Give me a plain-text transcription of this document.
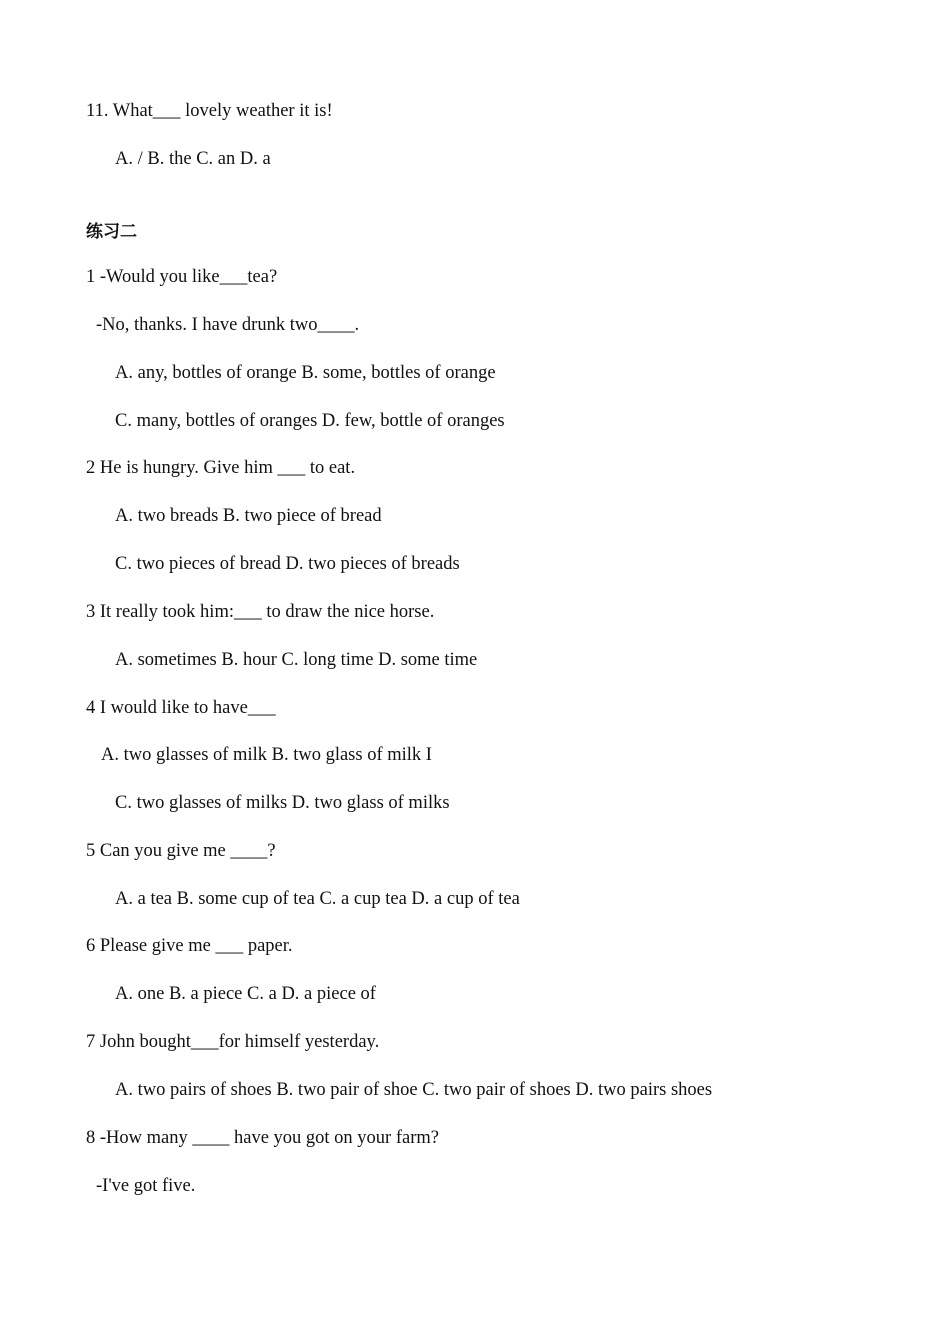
11. What___ lovely weather it is!

A. / B. the C. an D. a

练习二

1 -Would you like___tea?

-No, thanks. I have drunk two____.

A. any, bottles of orange B. some, bottles of orange

C. many, bottles of oranges D. few, bottle of oranges

2 He is hungry. Give him ___ to eat.

A. two breads B. two piece of bread

C. two pieces of bread D. two pieces of breads

3 It really took him:___ to draw the nice horse.

A. sometimes B. hour C. long time D. some time

4 I would like to have___

A. two glasses of milk B. two glass of milk I

C. two glasses of milks D. two glass of milks

5 Can you give me ____?

A. a tea B. some cup of tea C. a cup tea D. a cup of tea

6 Please give me ___ paper.

A. one B. a piece C. a D. a piece of

7 John bought___for himself yesterday.

A. two pairs of shoes B. two pair of shoe C. two pair of shoes D. two pairs shoes

8 -How many ____ have you got on your farm?

-I've got five.
